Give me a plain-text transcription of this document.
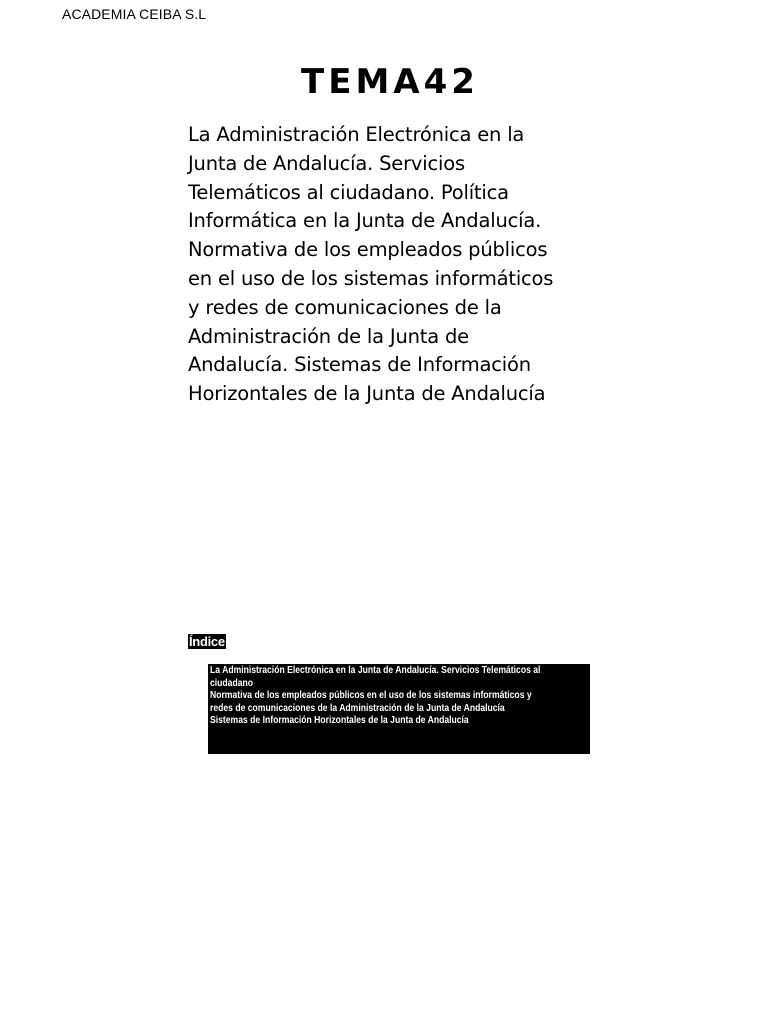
ACADEMIA CEIBA S.L
TEMA42
La Administración Electrónica en la
Junta de Andalucía. Servicios
Telemáticos al ciudadano. Política
Informática en la Junta de Andalucía.
Normativa de los empleados públicos
en el uso de los sistemas informáticos
y redes de comunicaciones de la
Administración de la Junta de
Andalucía. Sistemas de Información
Horizontales de la Junta de Andalucía
Índice
La Administración Electrónica en la Junta de Andalucía. Servicios Telemáticos al
ciudadano
Normativa de los empleados públicos en el uso de los sistemas informáticos y
redes de comunicaciones de la Administración de la Junta de Andalucía
Sistemas de Información Horizontales de la Junta de Andalucía
